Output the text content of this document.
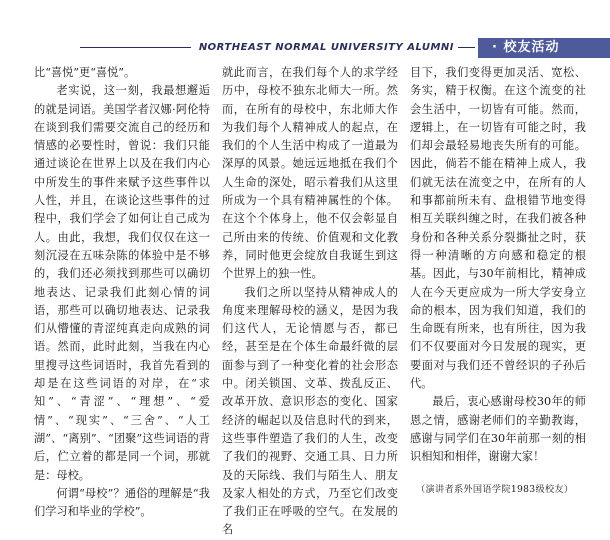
NORTHEAST NORMAL UNIVERSITY ALUMNI	· 校友活动

比“喜悦”更“喜悦”。

老实说，这一刻，我最想邂逅的就是词语。美国学者汉娜·阿伦特在谈到我们需要交流自己的经历和情感的必要性时，曾说：我们只能通过谈论在世界上以及在我们内心中所发生的事件来赋予这些事件以人性，并且，在谈论这些事件的过程中，我们学会了如何让自己成为人。由此，我想，我们仅仅在这一刻沉浸在五味杂陈的体验中是不够的，我们还必须找到那些可以确切地表达、记录我们此刻心情的词语，那些可以确切地表达、记录我们从懵懂的青涩纯真走向成熟的词语。然而，此时此刻，当我在内心里搜寻这些词语时，我首先看到的却是在这些词语的对岸，在“求知”、“青涩”、“理想”、“爱情”、“现实”、“三舍”、“人工湖”、“离别”、“团聚”这些词语的背后，伫立着的都是同一个词，那就是：母校。

何谓“母校”？通俗的理解是“我们学习和毕业的学校”。

就此而言，在我们每个人的求学经历中，母校不独东北师大一所。然而，在所有的母校中，东北师大作为我们每个人精神成人的起点，在我们的个人生活中构成了一道最为深厚的风景。她远远地抵在我们个人生命的深处，昭示着我们从这里所成为一个具有精神属性的个体。在这个个体身上，他不仅会彰显自己所由来的传统、价值观和文化教养，同时他更会绽放自我诞生到这个世界上的独一性。

我们之所以坚持从精神成人的角度来理解母校的涵义，是因为我们这代人，无论情愿与否，都已经，甚至是在个体生命最纤微的层面参与到了一种变化着的社会形态中。闭关锁国、文革、拨乱反正、改革开放、意识形态的变化、国家经济的崛起以及信息时代的到来，这些事件塑造了我们的人生，改变了我们的视野、交通工具、日力所及的天际线、我们与陌生人、朋友及家人相处的方式，乃至它们改变了我们正在呼吸的空气。在发展的名

目下，我们变得更加灵活、宽松、务实，精于权衡。在这个流变的社会生活中，一切皆有可能。然而，逻辑上，在一切皆有可能之时，我们却会最轻易地丧失所有的可能。因此，倘若不能在精神上成人，我们就无法在流变之中，在所有的人和事都前所未有、盘根错节地变得相互关联纠缠之时，在我们被各种身份和各种关系分裂撕扯之时，获得一种清晰的方向感和稳定的根基。因此，与30年前相比，精神成人在今天更应成为一所大学安身立命的根本，因为我们知道，我们的生命既有所来，也有所往，因为我们不仅要面对今日发展的现实，更要面对与我们还不曾经识的子孙后代。

最后，衷心感谢母校30年的师恩之情，感谢老师们的辛勤教诲，感谢与同学们在30年前那一刻的相识相知和相伴，谢谢大家！

（演讲者系外国语学院1983级校友）
